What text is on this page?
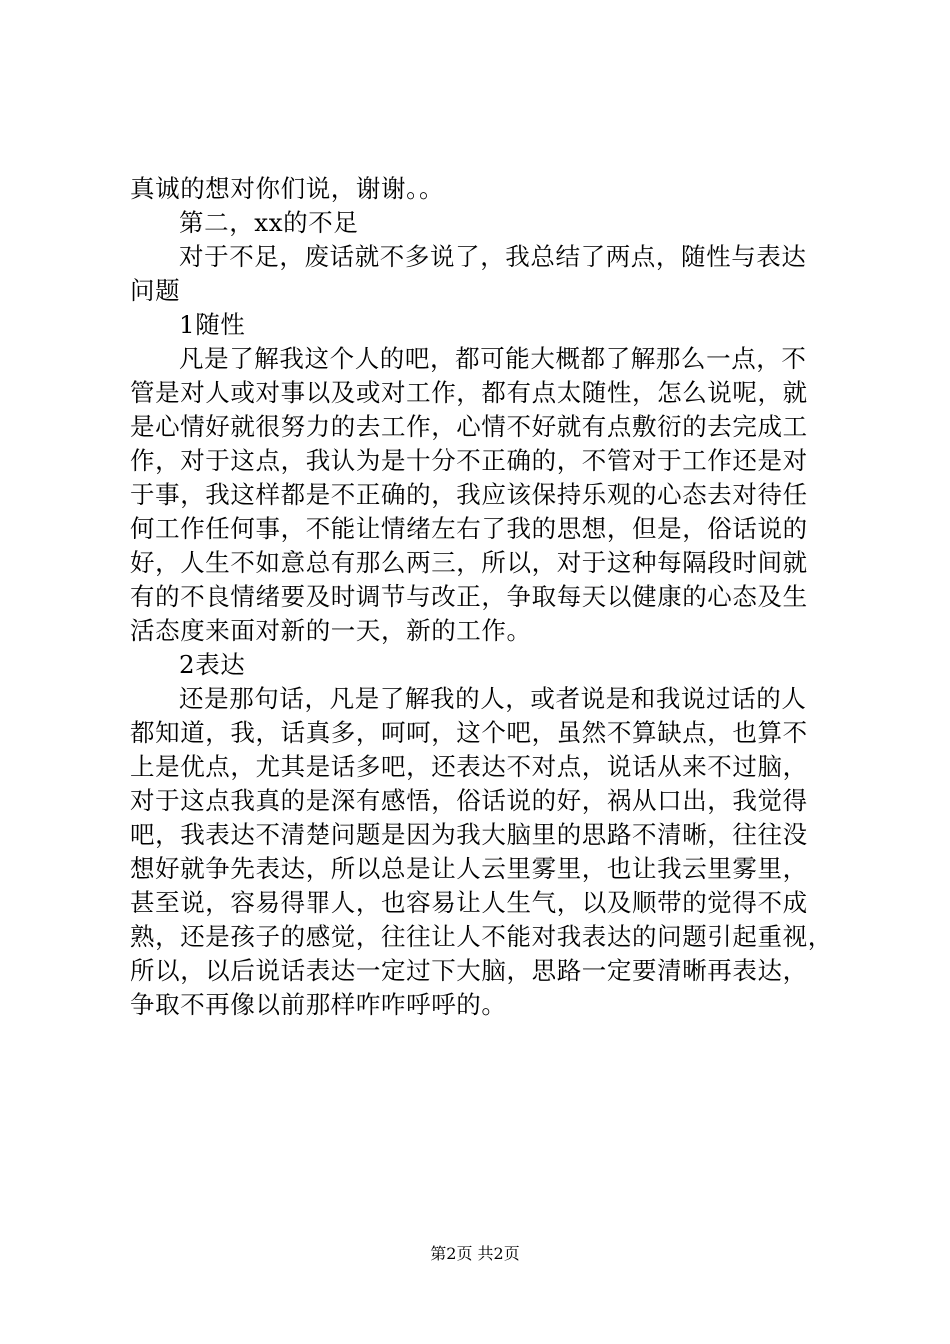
真诚的想对你们说，谢谢。。
第二，xx的不足
对于不足，废话就不多说了，我总结了两点，随性与表达
问题
1随性
凡是了解我这个人的吧，都可能大概都了解那么一点，不
管是对人或对事以及或对工作，都有点太随性，怎么说呢，就
是心情好就很努力的去工作，心情不好就有点敷衍的去完成工
作，对于这点，我认为是十分不正确的，不管对于工作还是对
于事，我这样都是不正确的，我应该保持乐观的心态去对待任
何工作任何事，不能让情绪左右了我的思想，但是，俗话说的
好，人生不如意总有那么两三，所以，对于这种每隔段时间就
有的不良情绪要及时调节与改正，争取每天以健康的心态及生
活态度来面对新的一天，新的工作。
2表达
还是那句话，凡是了解我的人，或者说是和我说过话的人
都知道，我，话真多，呵呵，这个吧，虽然不算缺点，也算不
上是优点，尤其是话多吧，还表达不对点，说话从来不过脑，
对于这点我真的是深有感悟，俗话说的好，祸从口出，我觉得
吧，我表达不清楚问题是因为我大脑里的思路不清晰，往往没
想好就争先表达，所以总是让人云里雾里，也让我云里雾里，
甚至说，容易得罪人，也容易让人生气，以及顺带的觉得不成
熟，还是孩子的感觉，往往让人不能对我表达的问题引起重视，
所以，以后说话表达一定过下大脑，思路一定要清晰再表达，
争取不再像以前那样咋咋呼呼的。
第2页 共2页
